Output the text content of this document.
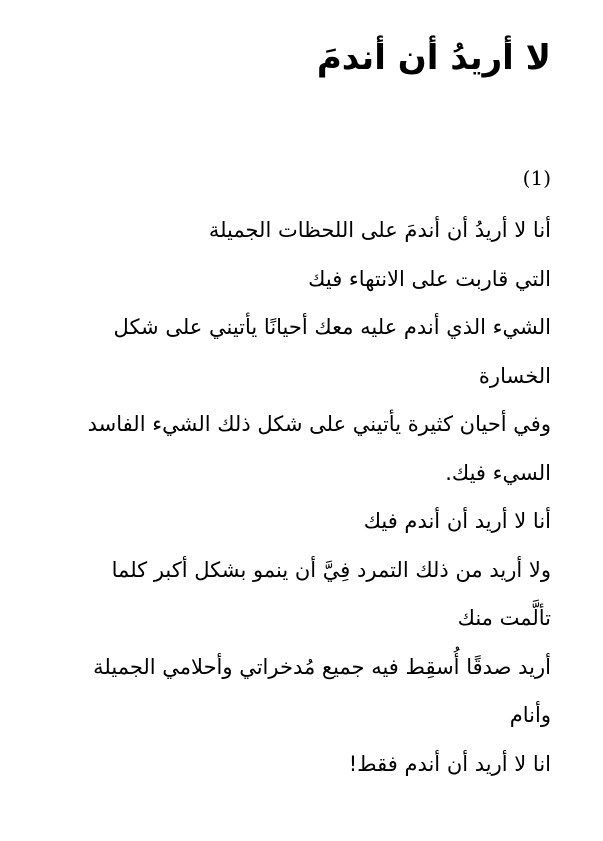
لا أريدُ أن أندمَ
(1)
أنا لا أريدُ أن أندمَ على اللحظات الجميلة
التي قاربت على الانتهاء فيك
الشيء الذي أندم عليه معك أحيانًا يأتيني على شكل
الخسارة
وفي أحيان كثيرة يأتيني على شكل ذلك الشيء الفاسد
السيء فيك.
أنا لا أريد أن أندم فيك
ولا أريد من ذلك التمرد فِيَّ أن ينمو بشكل أكبر كلما
تألَّمت منك
أريد صدقًا أُسقِط فيه جميع مُدخراتي وأحلامي الجميلة
وأنام
انا لا أريد أن أندم فقط!
